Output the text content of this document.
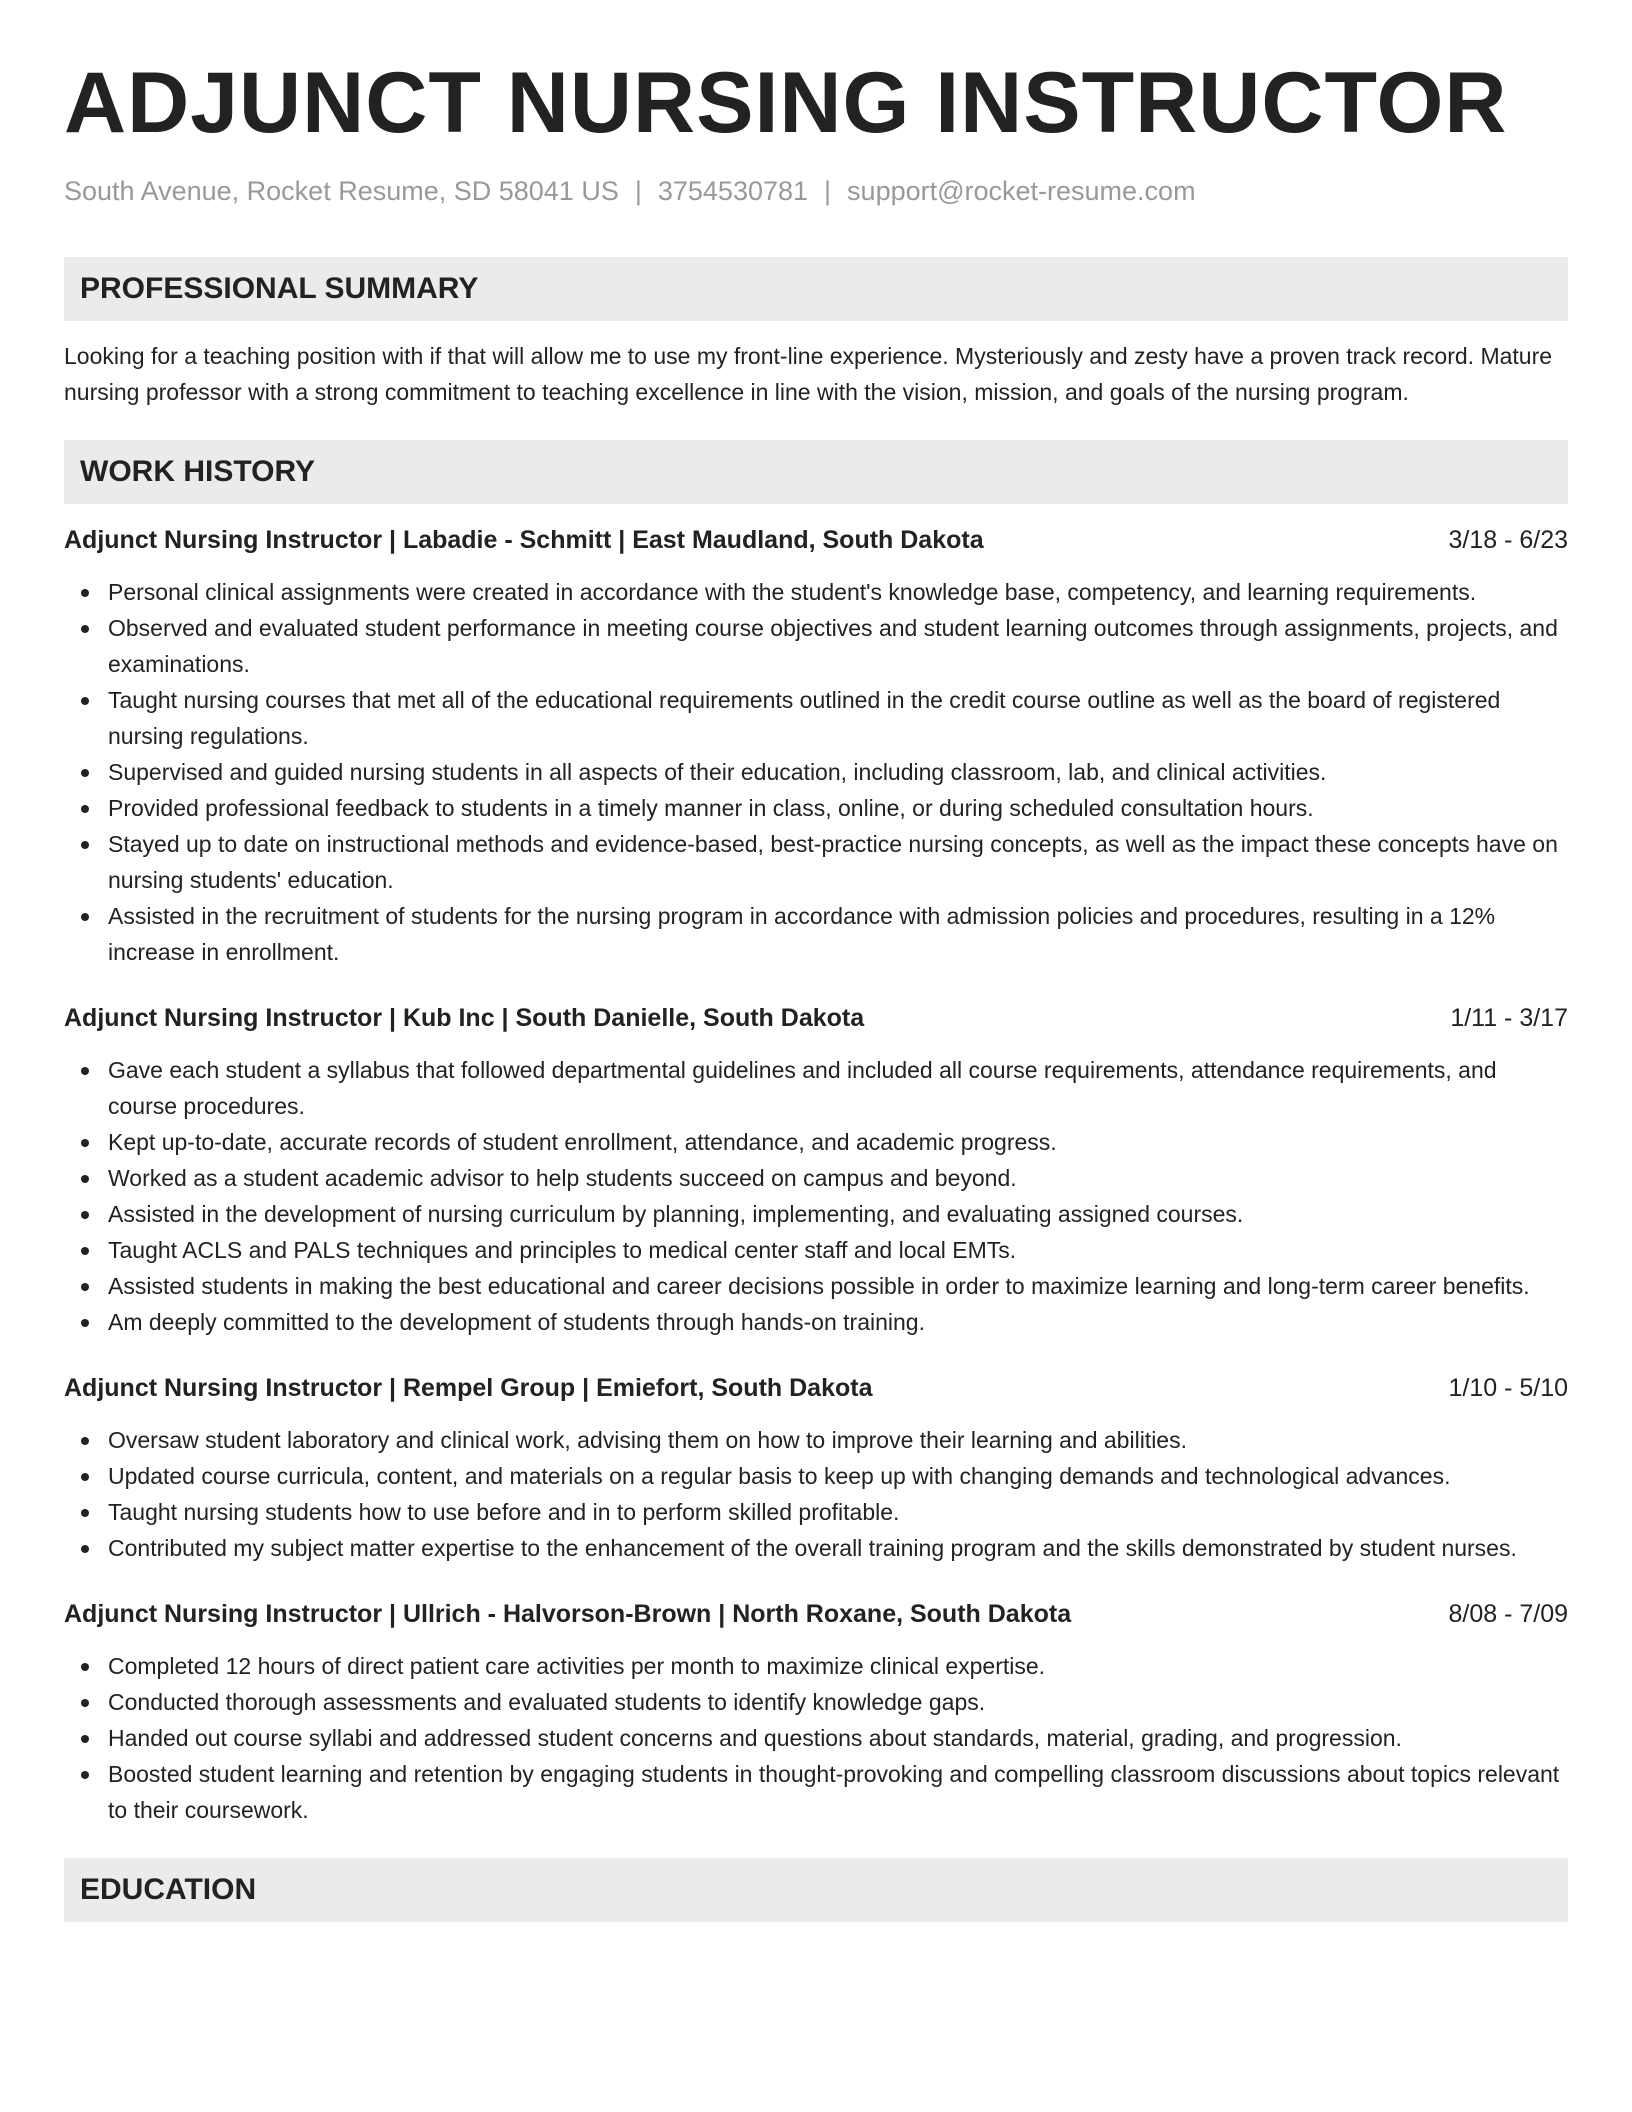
ADJUNCT NURSING INSTRUCTOR
South Avenue, Rocket Resume, SD 58041 US | 3754530781 | support@rocket-resume.com
PROFESSIONAL SUMMARY
Looking for a teaching position with if that will allow me to use my front-line experience. Mysteriously and zesty have a proven track record. Mature nursing professor with a strong commitment to teaching excellence in line with the vision, mission, and goals of the nursing program.
WORK HISTORY
Adjunct Nursing Instructor | Labadie - Schmitt | East Maudland, South Dakota	3/18 - 6/23
Personal clinical assignments were created in accordance with the student's knowledge base, competency, and learning requirements.
Observed and evaluated student performance in meeting course objectives and student learning outcomes through assignments, projects, and examinations.
Taught nursing courses that met all of the educational requirements outlined in the credit course outline as well as the board of registered nursing regulations.
Supervised and guided nursing students in all aspects of their education, including classroom, lab, and clinical activities.
Provided professional feedback to students in a timely manner in class, online, or during scheduled consultation hours.
Stayed up to date on instructional methods and evidence-based, best-practice nursing concepts, as well as the impact these concepts have on nursing students' education.
Assisted in the recruitment of students for the nursing program in accordance with admission policies and procedures, resulting in a 12% increase in enrollment.
Adjunct Nursing Instructor | Kub Inc | South Danielle, South Dakota	1/11 - 3/17
Gave each student a syllabus that followed departmental guidelines and included all course requirements, attendance requirements, and course procedures.
Kept up-to-date, accurate records of student enrollment, attendance, and academic progress.
Worked as a student academic advisor to help students succeed on campus and beyond.
Assisted in the development of nursing curriculum by planning, implementing, and evaluating assigned courses.
Taught ACLS and PALS techniques and principles to medical center staff and local EMTs.
Assisted students in making the best educational and career decisions possible in order to maximize learning and long-term career benefits.
Am deeply committed to the development of students through hands-on training.
Adjunct Nursing Instructor | Rempel Group | Emiefort, South Dakota	1/10 - 5/10
Oversaw student laboratory and clinical work, advising them on how to improve their learning and abilities.
Updated course curricula, content, and materials on a regular basis to keep up with changing demands and technological advances.
Taught nursing students how to use before and in to perform skilled profitable.
Contributed my subject matter expertise to the enhancement of the overall training program and the skills demonstrated by student nurses.
Adjunct Nursing Instructor | Ullrich - Halvorson-Brown | North Roxane, South Dakota	8/08 - 7/09
Completed 12 hours of direct patient care activities per month to maximize clinical expertise.
Conducted thorough assessments and evaluated students to identify knowledge gaps.
Handed out course syllabi and addressed student concerns and questions about standards, material, grading, and progression.
Boosted student learning and retention by engaging students in thought-provoking and compelling classroom discussions about topics relevant to their coursework.
EDUCATION
